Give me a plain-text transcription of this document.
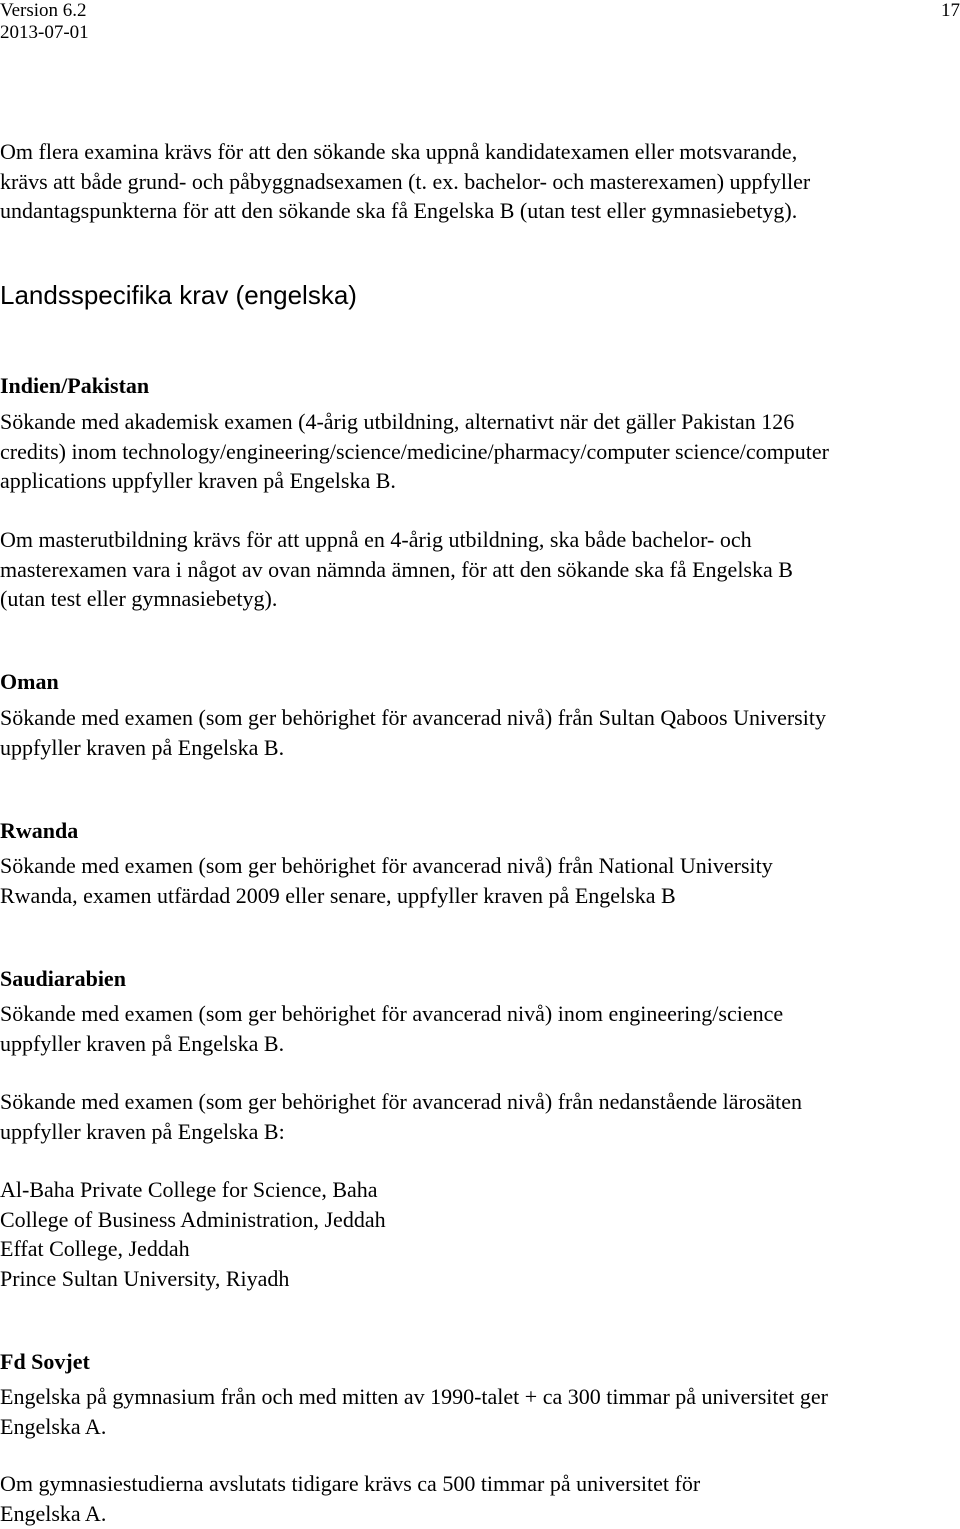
Version 6.2
2013-07-01
17
Om flera examina krävs för att den sökande ska uppnå kandidatexamen eller motsvarande,
krävs att både grund- och påbyggnadsexamen (t. ex. bachelor- och masterexamen) uppfyller
undantagspunkterna för att den sökande ska få Engelska B (utan test eller gymnasiebetyg).
Landsspecifika krav (engelska)
Indien/Pakistan
Sökande med akademisk examen (4-årig utbildning, alternativt när det gäller Pakistan 126
credits) inom technology/engineering/science/medicine/pharmacy/computer science/computer
applications uppfyller kraven på Engelska B.
Om masterutbildning krävs för att uppnå en 4-årig utbildning, ska både bachelor- och
masterexamen vara i något av ovan nämnda ämnen, för att den sökande ska få Engelska B
(utan test eller gymnasiebetyg).
Oman
Sökande med examen (som ger behörighet för avancerad nivå) från Sultan Qaboos University
uppfyller kraven på Engelska B.
Rwanda
Sökande med examen (som ger behörighet för avancerad nivå) från National University
Rwanda, examen utfärdad 2009 eller senare, uppfyller kraven på Engelska B
Saudiarabien
Sökande med examen (som ger behörighet för avancerad nivå) inom engineering/science
uppfyller kraven på Engelska B.
Sökande med examen (som ger behörighet för avancerad nivå) från nedanstående lärosäten
uppfyller kraven på Engelska B:
Al-Baha Private College for Science, Baha
College of Business Administration, Jeddah
Effat College, Jeddah
Prince Sultan University, Riyadh
Fd Sovjet
Engelska på gymnasium från och med mitten av 1990-talet + ca 300 timmar på universitet ger
Engelska A.
Om gymnasiestudierna avslutats tidigare krävs ca 500 timmar på universitet för
Engelska A.
